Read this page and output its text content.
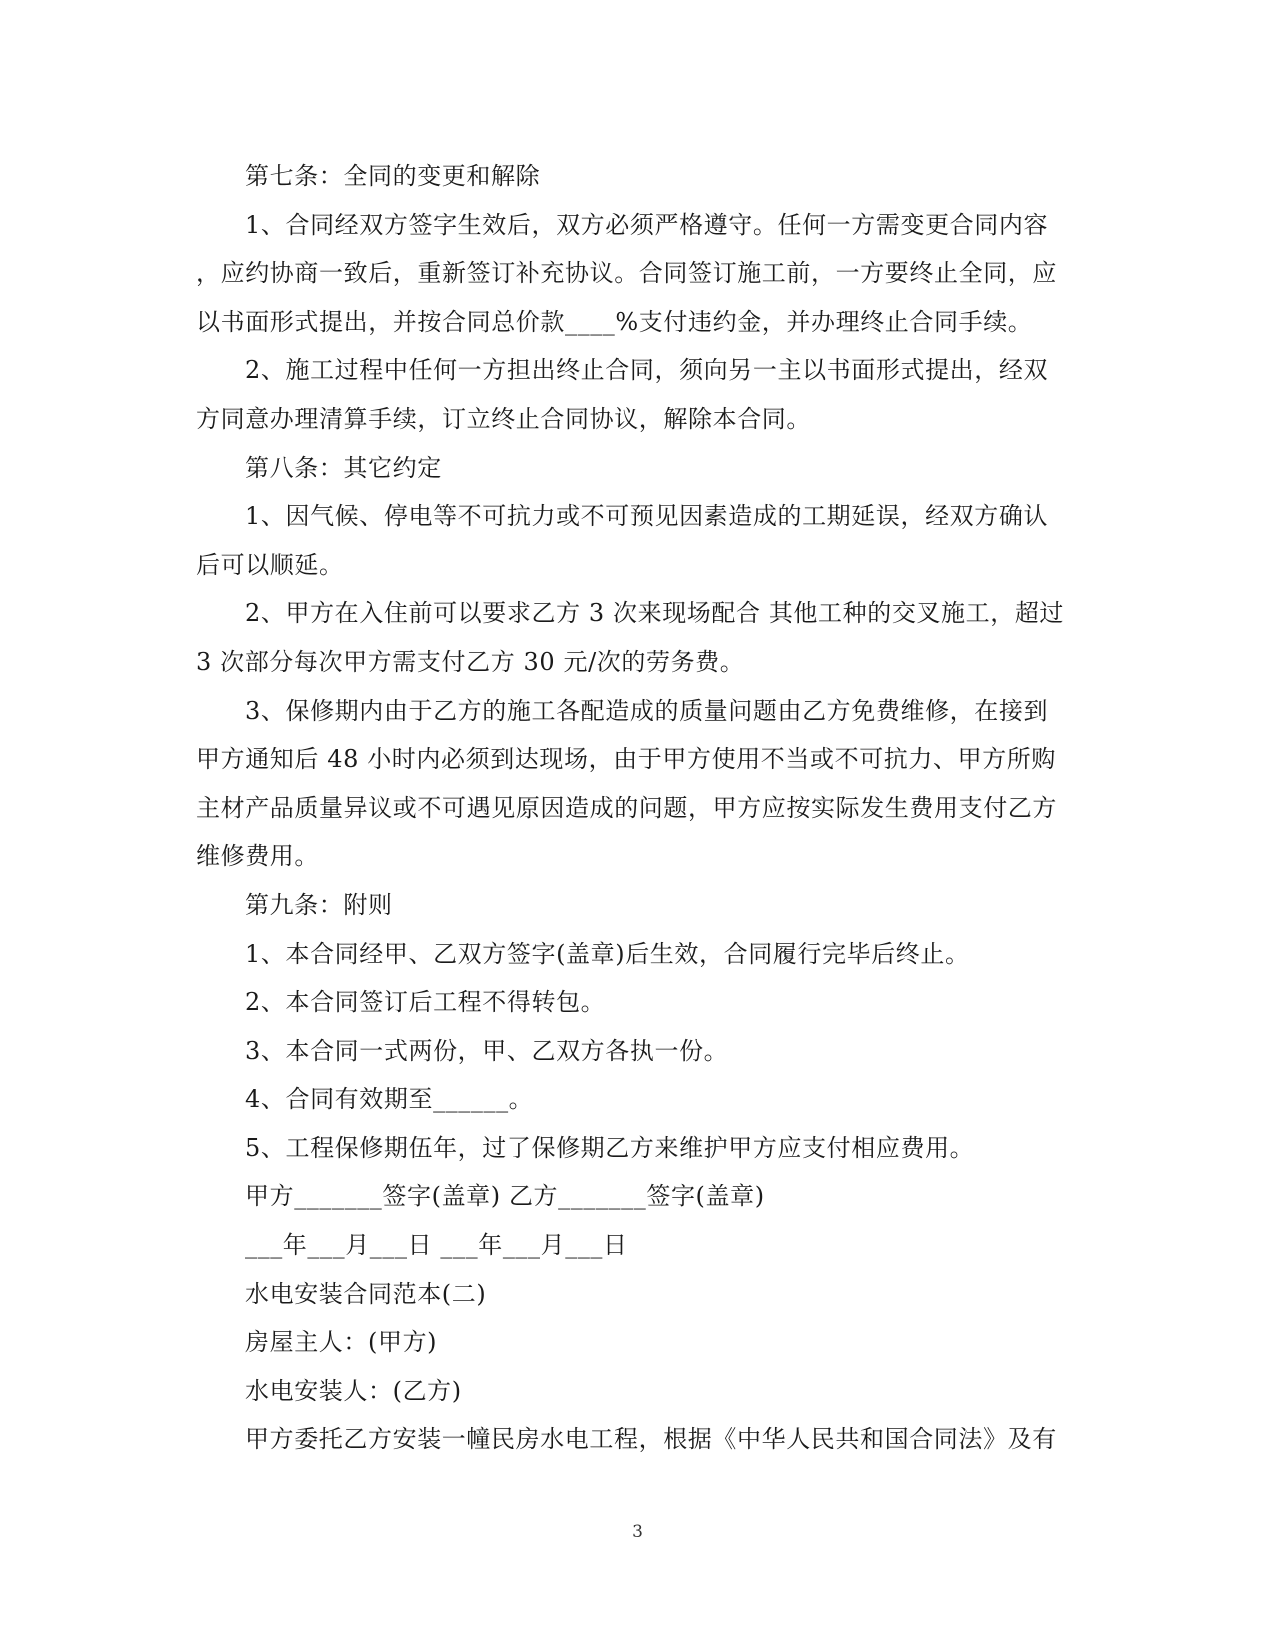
第七条：全同的变更和解除
1、合同经双方签字生效后，双方必须严格遵守。任何一方需变更合同内容
，应约协商一致后，重新签订补充协议。合同签订施工前，一方要终止全同，应
以书面形式提出，并按合同总价款____%支付违约金，并办理终止合同手续。
2、施工过程中任何一方担出终止合同，须向另一主以书面形式提出，经双
方同意办理清算手续，订立终止合同协议，解除本合同。
第八条：其它约定
1、因气候、停电等不可抗力或不可预见因素造成的工期延误，经双方确认
后可以顺延。
2、甲方在入住前可以要求乙方 3 次来现场配合 其他工种的交叉施工，超过
3 次部分每次甲方需支付乙方 30 元/次的劳务费。
3、保修期内由于乙方的施工各配造成的质量问题由乙方免费维修，在接到
甲方通知后 48 小时内必须到达现场，由于甲方使用不当或不可抗力、甲方所购
主材产品质量异议或不可遇见原因造成的问题，甲方应按实际发生费用支付乙方
维修费用。
第九条：附则
1、本合同经甲、乙双方签字(盖章)后生效，合同履行完毕后终止。
2、本合同签订后工程不得转包。
3、本合同一式两份，甲、乙双方各执一份。
4、合同有效期至______。
5、工程保修期伍年，过了保修期乙方来维护甲方应支付相应费用。
甲方_______签字(盖章) 乙方_______签字(盖章)
___年___月___日 ___年___月___日
水电安装合同范本(二)
房屋主人：(甲方)
水电安装人：(乙方)
甲方委托乙方安装一幢民房水电工程，根据《中华人民共和国合同法》及有
3
